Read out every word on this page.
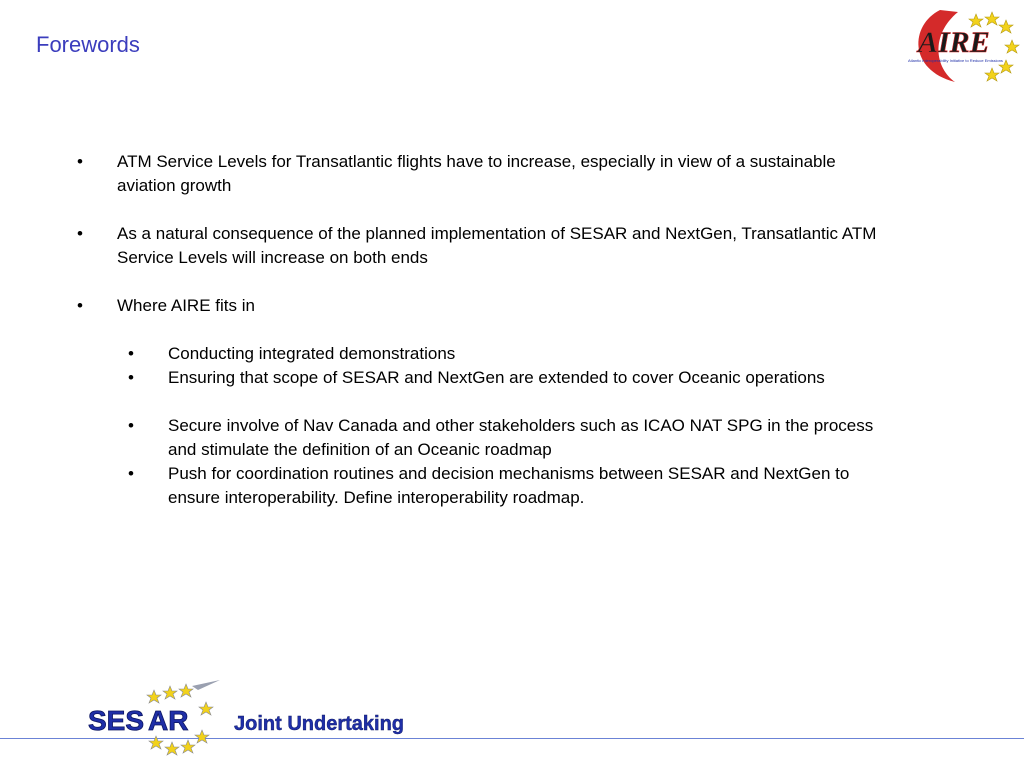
Forewords	AIRE
Atlantic Interoperability Initiative to Reduce Emissions
• ATM Service Levels for Transatlantic flights have to increase, especially in view of a sustainable aviation growth
• As a natural consequence of the planned implementation of SESAR and NextGen, Transatlantic ATM Service Levels will increase on both ends
• Where AIRE fits in
• Conducting integrated demonstrations
• Ensuring that scope of SESAR and NextGen are extended to cover Oceanic operations
• Secure involve of Nav Canada and other stakeholders such as ICAO NAT SPG in the process and stimulate the definition of an Oceanic roadmap
• Push for coordination routines and decision mechanisms between SESAR and NextGen to ensure interoperability. Define interoperability roadmap.
SES AR Joint Undertaking
